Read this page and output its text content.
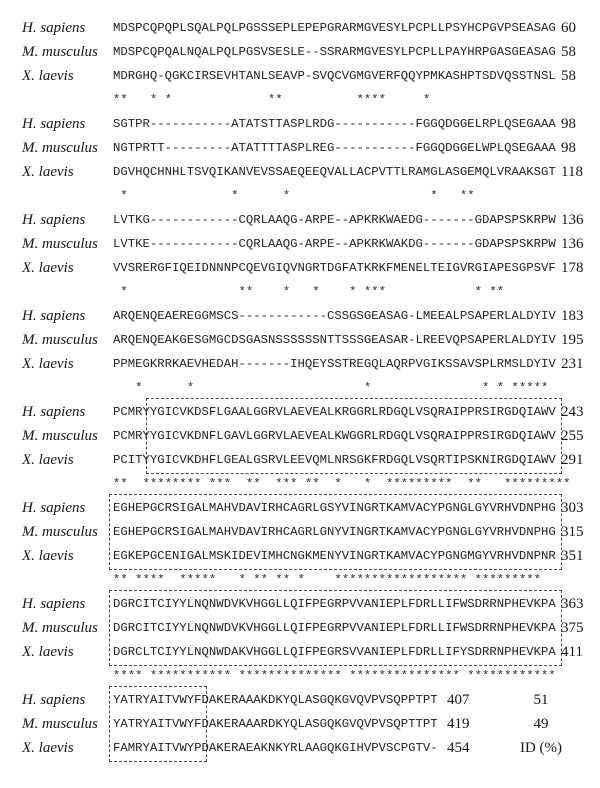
H. sapiens MDSPCQPQPLSQALPQLPGSSSEPLEPEPGRARMGVESYLPCPLLPSYHCPGVPSEASAG 60
M. musculus MDSPCQPQALNQALPQLPGSVSESLE--SSRARMGVESYLPCPLLPAYHRPGASGEASAG 58
X. laevis	MDRGHQ-QGKCIRSEVHTANLSEAVP-SVQCVGMGVERFQQYPMKASHPTSDVQSSTNSL 58
**   * *             **          ****     *
H. sapiens SGTPR-----------ATATSTTASPLRDG-----------FGGQDGGELRPLQSEGAAA 98
M. musculus NGTPRTT---------ATATTTTASPLREG-----------FGGQDGGELWPLQSEGAAA 98
X. laevis	DGVHQCHNHLTSVQIKANVEVSSAEQEEQVALLACPVTTLRAMGLASGEMQLVRAAKSGT 118
*              *      *                   *   **
H. sapiens LVTKG------------CQRLAAQG-ARPE--APKRKWAEDG-------GDAPSPSKRPW 136
M. musculus LVTKE------------CQRLAAQG-ARPE--APKRKWAKDG-------GDAPSPSKRPW 136
X. laevis	VVSRERGFIQEIDNNNPCQEVGIQVNGRTDGFATKRKFMENELTEIGVRGIAPESGPSVF 178
*               **    *   *    * ***            * **
H. sapiens ARQENQEAEREGGMSCS------------CSSGSGEASAG-LMEEALPSAPERLALDYIV 183
M. musculus ARQENQEAKGESGMGCDSGASNSSSSSSNTTSSSGEASAR-LREEVQPSAPERLALDYIV 195
X. laevis	PPMEGKRRKAEVHEDAH-------IHQEYSSTREGQLAQRPVGIKSSAVSPLRMSLDYIV 231
*      *                       *               * * *****
H. sapiens PCMRYYGICVKDSFLGAALGGRVLAEVEALKRGGRLRDGQLVSQRAIPPRSIRGDQIAWV 243
M. musculus PCMRYYGICVKDNFLGAVLGGRVLAEVEALKWGGRLRDGQLVSQRAIPPRSIRGDQIAWV 255
X. laevis	PCITYYGICVKDHFLGEALGSRVLEEVQMLNRSGKFRDGQLVSQRTIPSKNIRGDQIAWV 291
**  ******** ***  **  *** **  *   *  *********  **   *********
H. sapiens EGHEPGCRSIGALMAHVDAVIRHCAGRLGSYVINGRTKAMVACYPGNGLGYVRHVDNPHG 303
M. musculus EGHEPGCRSIGALMAHVDAVIRHCAGRLGNYVINGRTKAMVACYPGNGLGYVRHVDNPHG 315
X. laevis	EGKEPGCENIGALMSKIDEVIMHCNGKMENYVINGRTKAMVACYPGNGMGYVRHVDNPNR 351
** ****  *****   * ** ** *    ****************** *********
H. sapiens DGRCITCIYYLNQNWDVKVHGGLLQIFPEGRPVVANIEPLFDRLLIFWSDRRNPHEVKPA 363
M. musculus DGRCITCIYYLNQNWDVKVHGGLLQIFPEGRPVVANIEPLFDRLLIFWSDRRNPHEVKPA 375
X. laevis	DGRCLTCIYYLNQNWDAKVHGGLLQIFPEGRSVVANIEPLFDRLLIFYSDRRNPHEVKPA 411
**** *********** ************** *************** ************
H. sapiens YATRYAITVWYFDAKERAAAKDKYQLASGQKGVQVPVSQPPTPT 407	51
M. musculus YATRYAITVWYFDAKERAAARDKYQLASGQKGVQVPVSQPTTPT 419	49
X. laevis	FAMRYAITVWYPDAKERAEAKNKYRLAAGQKGIHVPVSCPGTV- 454	ID (%)
